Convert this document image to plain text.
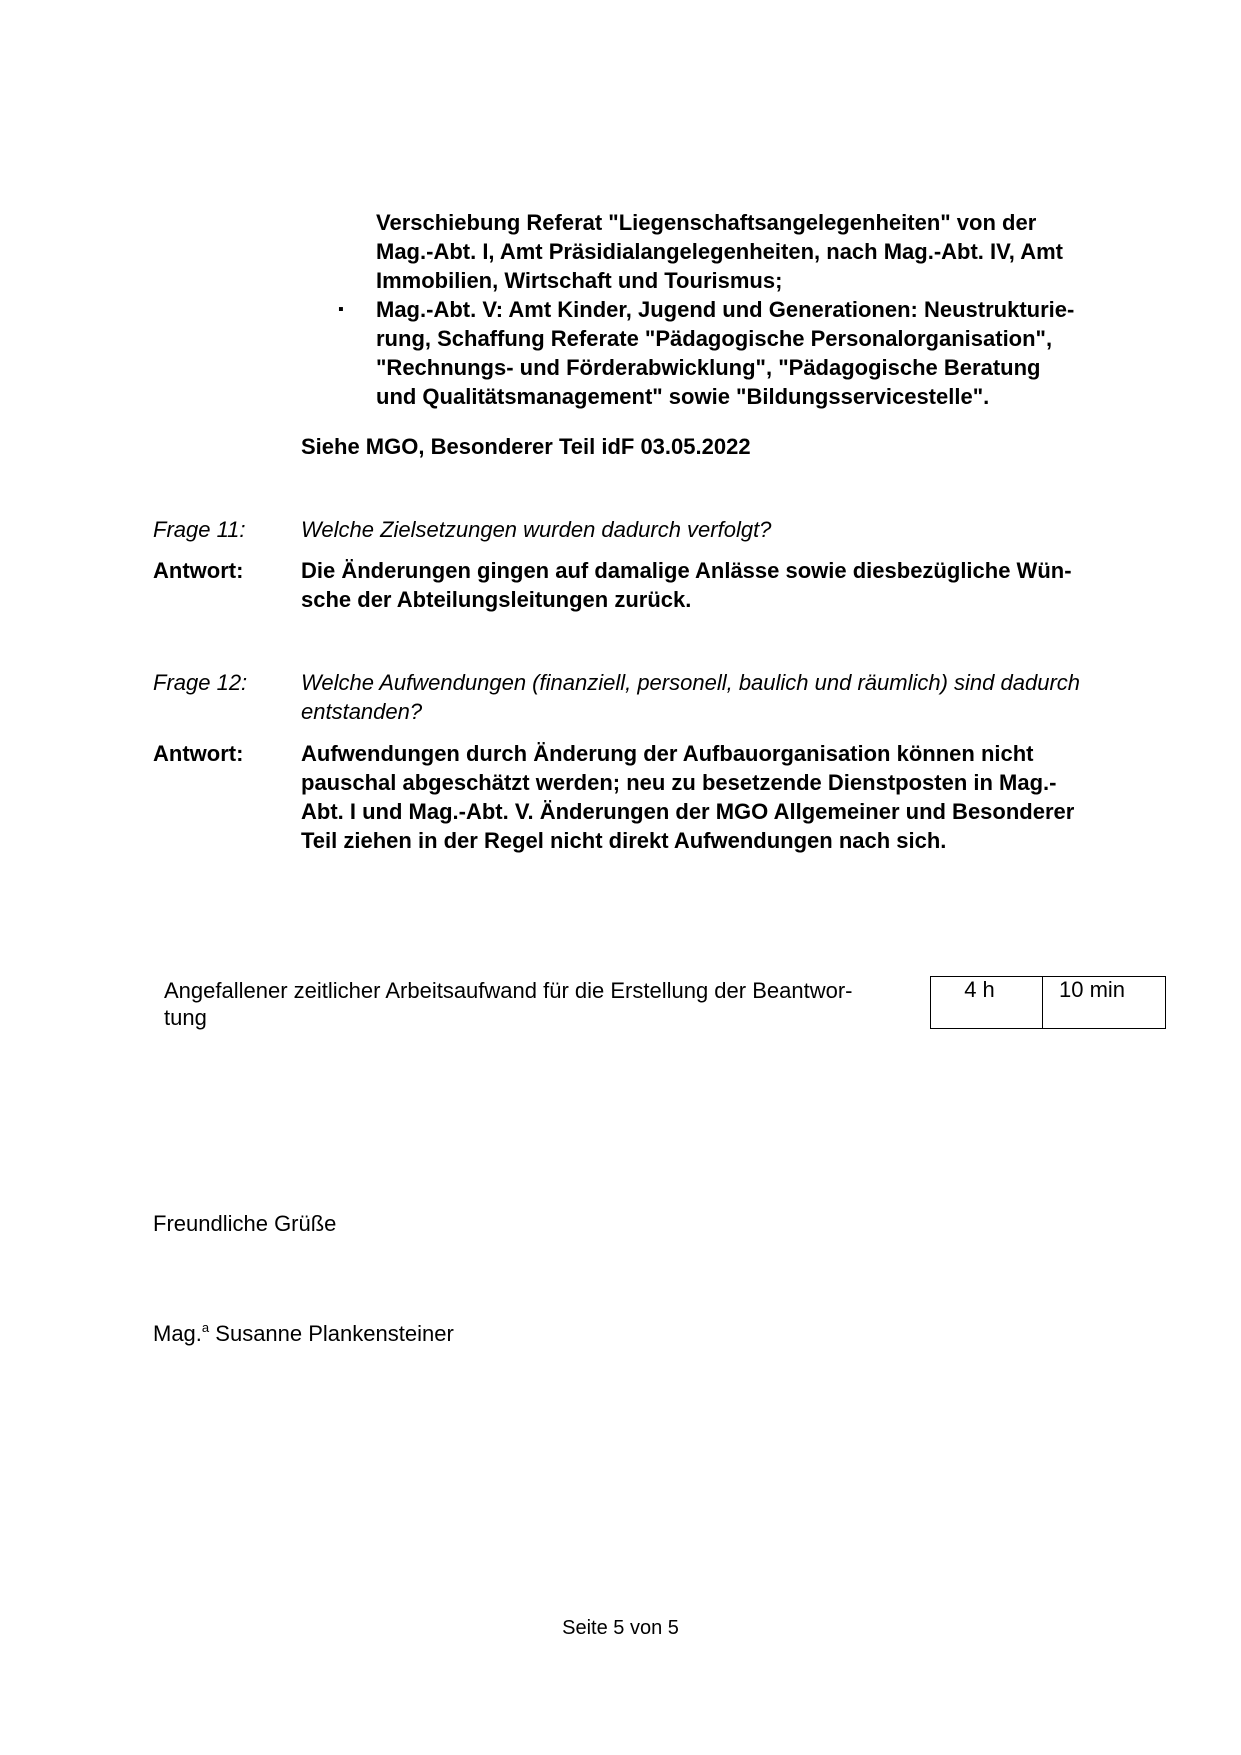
Verschiebung Referat "Liegenschaftsangelegenheiten" von der
Mag.-Abt. I, Amt Präsidialangelegenheiten, nach Mag.-Abt. IV, Amt
Immobilien, Wirtschaft und Tourismus;
▪	Mag.-Abt. V: Amt Kinder, Jugend und Generationen: Neustrukturie-
rung, Schaffung Referate "Pädagogische Personalorganisation",
"Rechnungs- und Förderabwicklung", "Pädagogische Beratung
und Qualitätsmanagement" sowie "Bildungsservicestelle".
Siehe MGO, Besonderer Teil idF 03.05.2022
Frage 11:	Welche Zielsetzungen wurden dadurch verfolgt?
Antwort:	Die Änderungen gingen auf damalige Anlässe sowie diesbezügliche Wün-
sche der Abteilungsleitungen zurück.
Frage 12: Welche Aufwendungen (finanziell, personell, baulich und räumlich) sind dadurch
entstanden?
Antwort:	Aufwendungen durch Änderung der Aufbauorganisation können nicht
pauschal abgeschätzt werden; neu zu besetzende Dienstposten in Mag.-
Abt. I und Mag.-Abt. V. Änderungen der MGO Allgemeiner und Besonderer
Teil ziehen in der Regel nicht direkt Aufwendungen nach sich.
Angefallener zeitlicher Arbeitsaufwand für die Erstellung der Beantwor-
tung
4 h	10 min
Freundliche Grüße
Mag.$^a$ Susanne Plankensteiner
Seite 5 von 5
